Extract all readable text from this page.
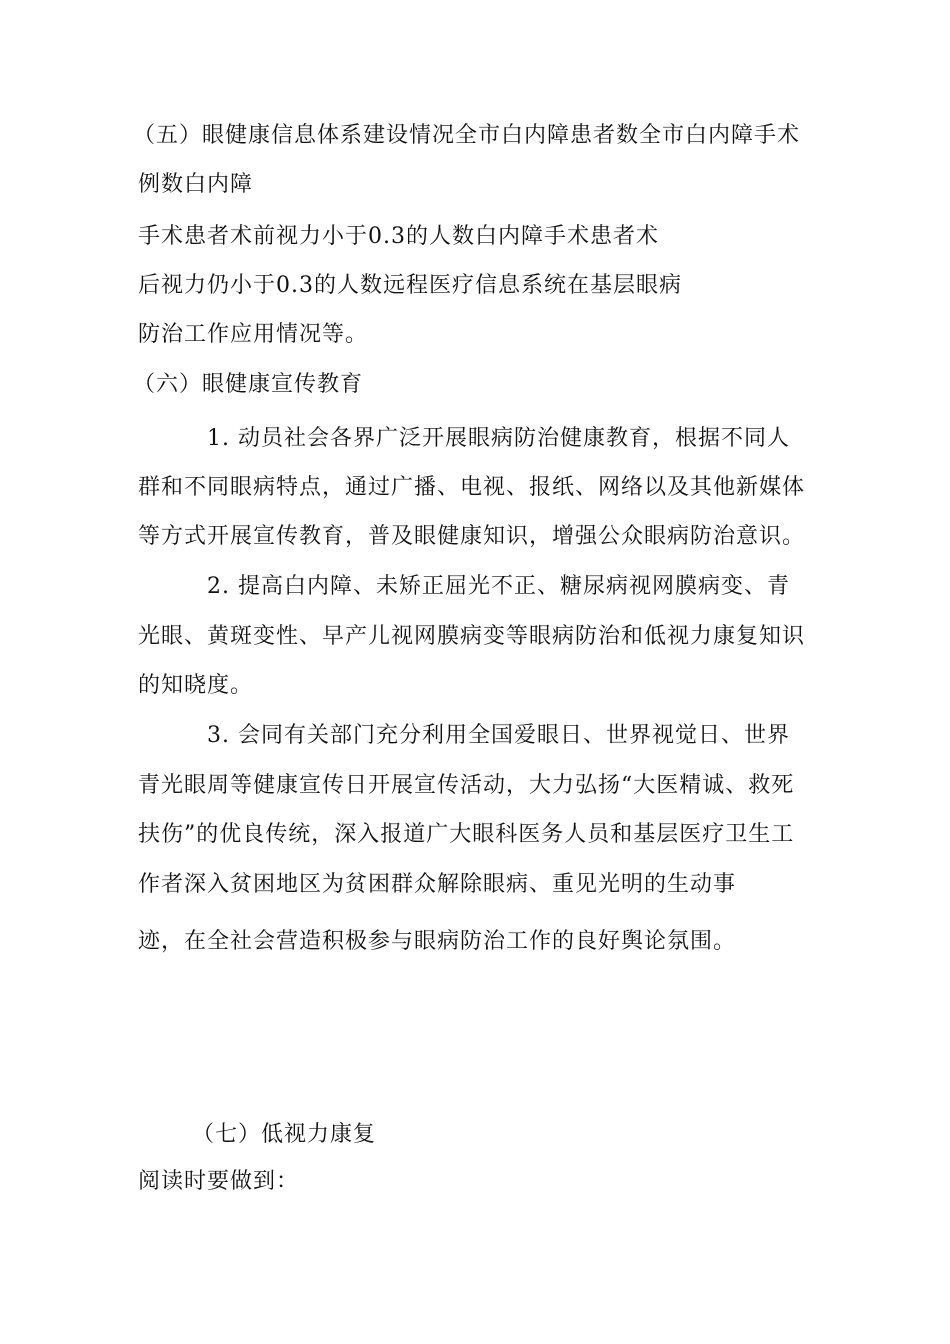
（五）眼健康信息体系建设情况全市白内障患者数全市白内障手术
例数白内障
手术患者术前视力小于0.3的人数白内障手术患者术
后视力仍小于0.3的人数远程医疗信息系统在基层眼病
防治工作应用情况等。
（六）眼健康宣传教育
1. 动员社会各界广泛开展眼病防治健康教育，根据不同人
群和不同眼病特点，通过广播、电视、报纸、网络以及其他新媒体
等方式开展宣传教育，普及眼健康知识，增强公众眼病防治意识。
2. 提高白内障、未矫正屈光不正、糖尿病视网膜病变、青
光眼、黄斑变性、早产儿视网膜病变等眼病防治和低视力康复知识
的知晓度。
3. 会同有关部门充分利用全国爱眼日、世界视觉日、世界
青光眼周等健康宣传日开展宣传活动，大力弘扬“大医精诚、救死
扶伤”的优良传统，深入报道广大眼科医务人员和基层医疗卫生工
作者深入贫困地区为贫困群众解除眼病、重见光明的生动事
迹，在全社会营造积极参与眼病防治工作的良好舆论氛围。
（七）低视力康复
阅读时要做到：
